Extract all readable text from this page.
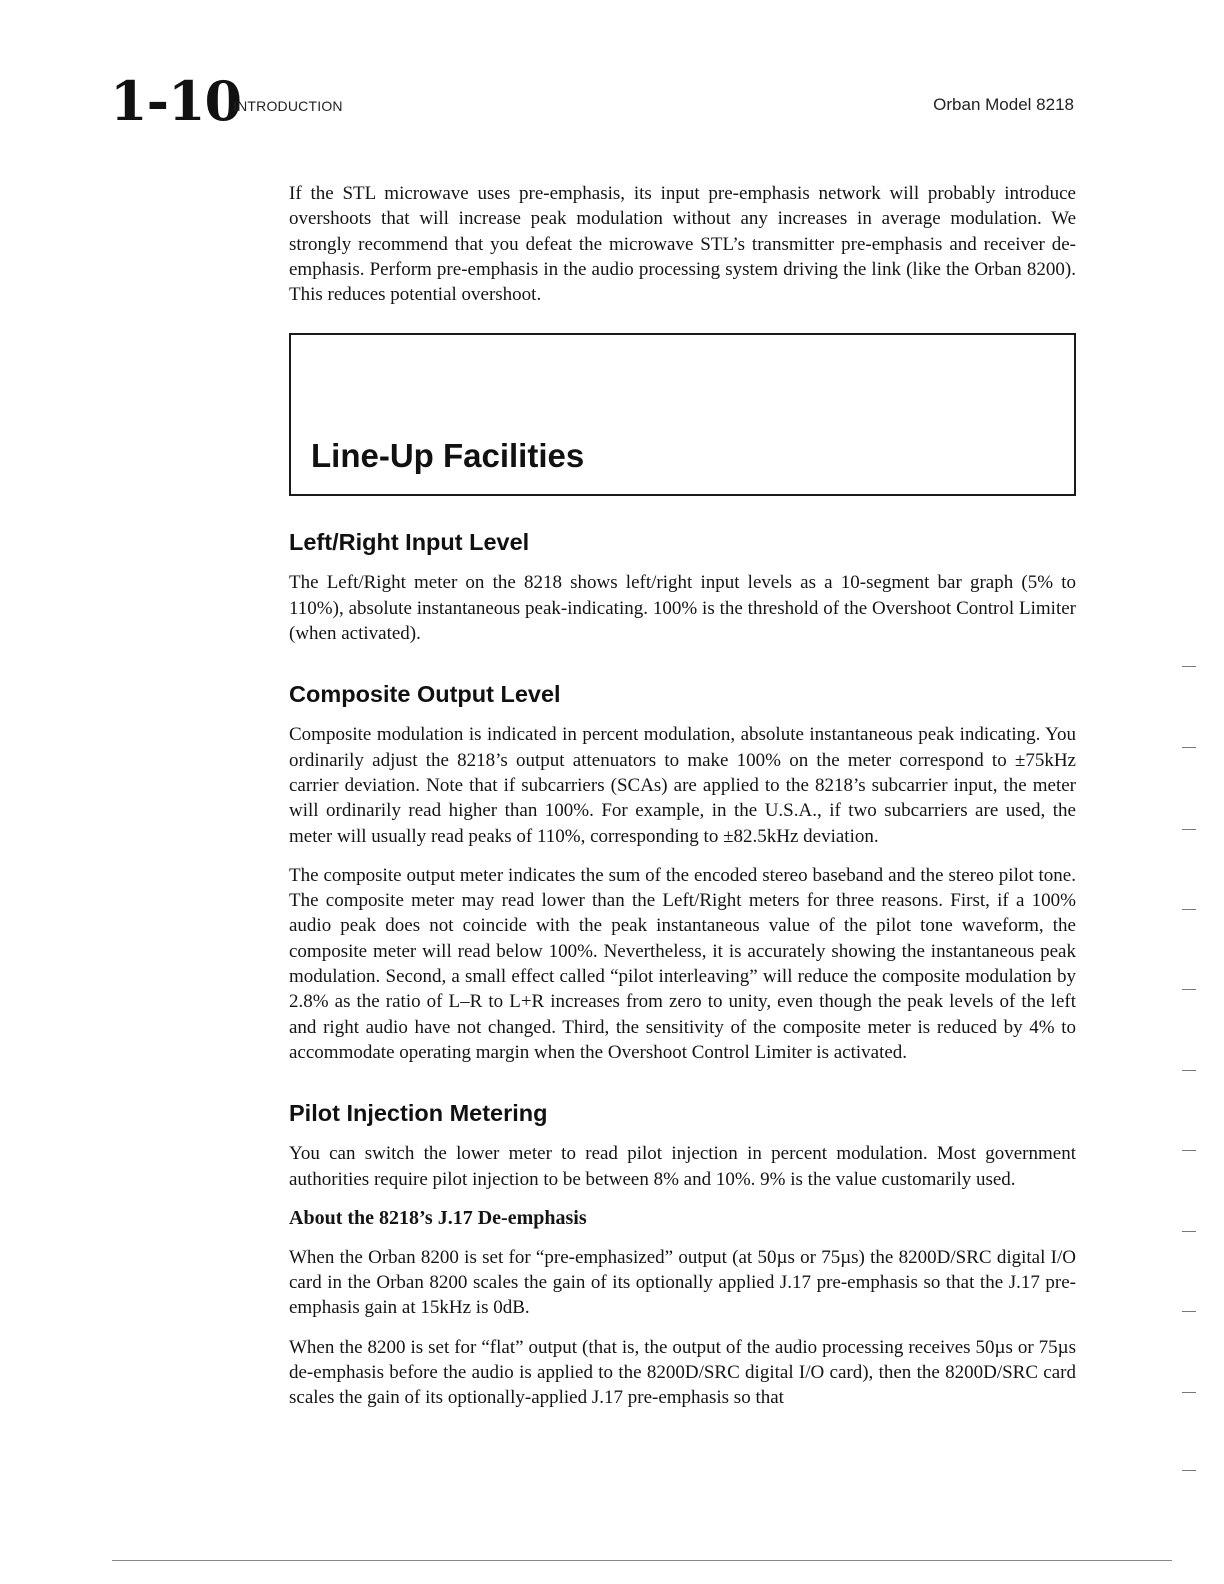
1-10
INTRODUCTION	Orban Model 8218

If the STL microwave uses pre-emphasis, its input pre-emphasis network will probably introduce overshoots that will increase peak modulation without any increases in average modulation. We strongly recommend that you defeat the microwave STL’s transmitter pre-emphasis and receiver de-emphasis. Perform pre-emphasis in the audio processing system driving the link (like the Orban 8200). This reduces potential overshoot.

Line-Up Facilities
Left/Right Input Level

The Left/Right meter on the 8218 shows left/right input levels as a 10-segment bar graph (5% to 110%), absolute instantaneous peak-indicating. 100% is the threshold of the Overshoot Control Limiter (when activated).

Composite Output Level

Composite modulation is indicated in percent modulation, absolute instantaneous peak indicating. You ordinarily adjust the 8218’s output attenuators to make 100% on the meter correspond to ±75kHz carrier deviation. Note that if subcarriers (SCAs) are applied to the 8218’s subcarrier input, the meter will ordinarily read higher than 100%. For example, in the U.S.A., if two subcarriers are used, the meter will usually read peaks of 110%, corresponding to ±82.5kHz deviation.

The composite output meter indicates the sum of the encoded stereo baseband and the stereo pilot tone. The composite meter may read lower than the Left/Right meters for three reasons. First, if a 100% audio peak does not coincide with the peak instantaneous value of the pilot tone waveform, the composite meter will read below 100%. Nevertheless, it is accurately showing the instantaneous peak modulation. Second, a small effect called “pilot interleaving” will reduce the composite modulation by 2.8% as the ratio of L–R to L+R increases from zero to unity, even though the peak levels of the left and right audio have not changed. Third, the sensitivity of the composite meter is reduced by 4% to accommodate operating margin when the Overshoot Control Limiter is activated.

Pilot Injection Metering

You can switch the lower meter to read pilot injection in percent modulation. Most government authorities require pilot injection to be between 8% and 10%. 9% is the value customarily used.

About the 8218’s J.17 De-emphasis

When the Orban 8200 is set for “pre-emphasized” output (at 50µs or 75µs) the 8200D/SRC digital I/O card in the Orban 8200 scales the gain of its optionally applied J.17 pre-emphasis so that the J.17 pre-emphasis gain at 15kHz is 0dB.

When the 8200 is set for “flat” output (that is, the output of the audio processing receives 50µs or 75µs de-emphasis before the audio is applied to the 8200D/SRC digital I/O card), then the 8200D/SRC card scales the gain of its optionally-applied J.17 pre-emphasis so that
